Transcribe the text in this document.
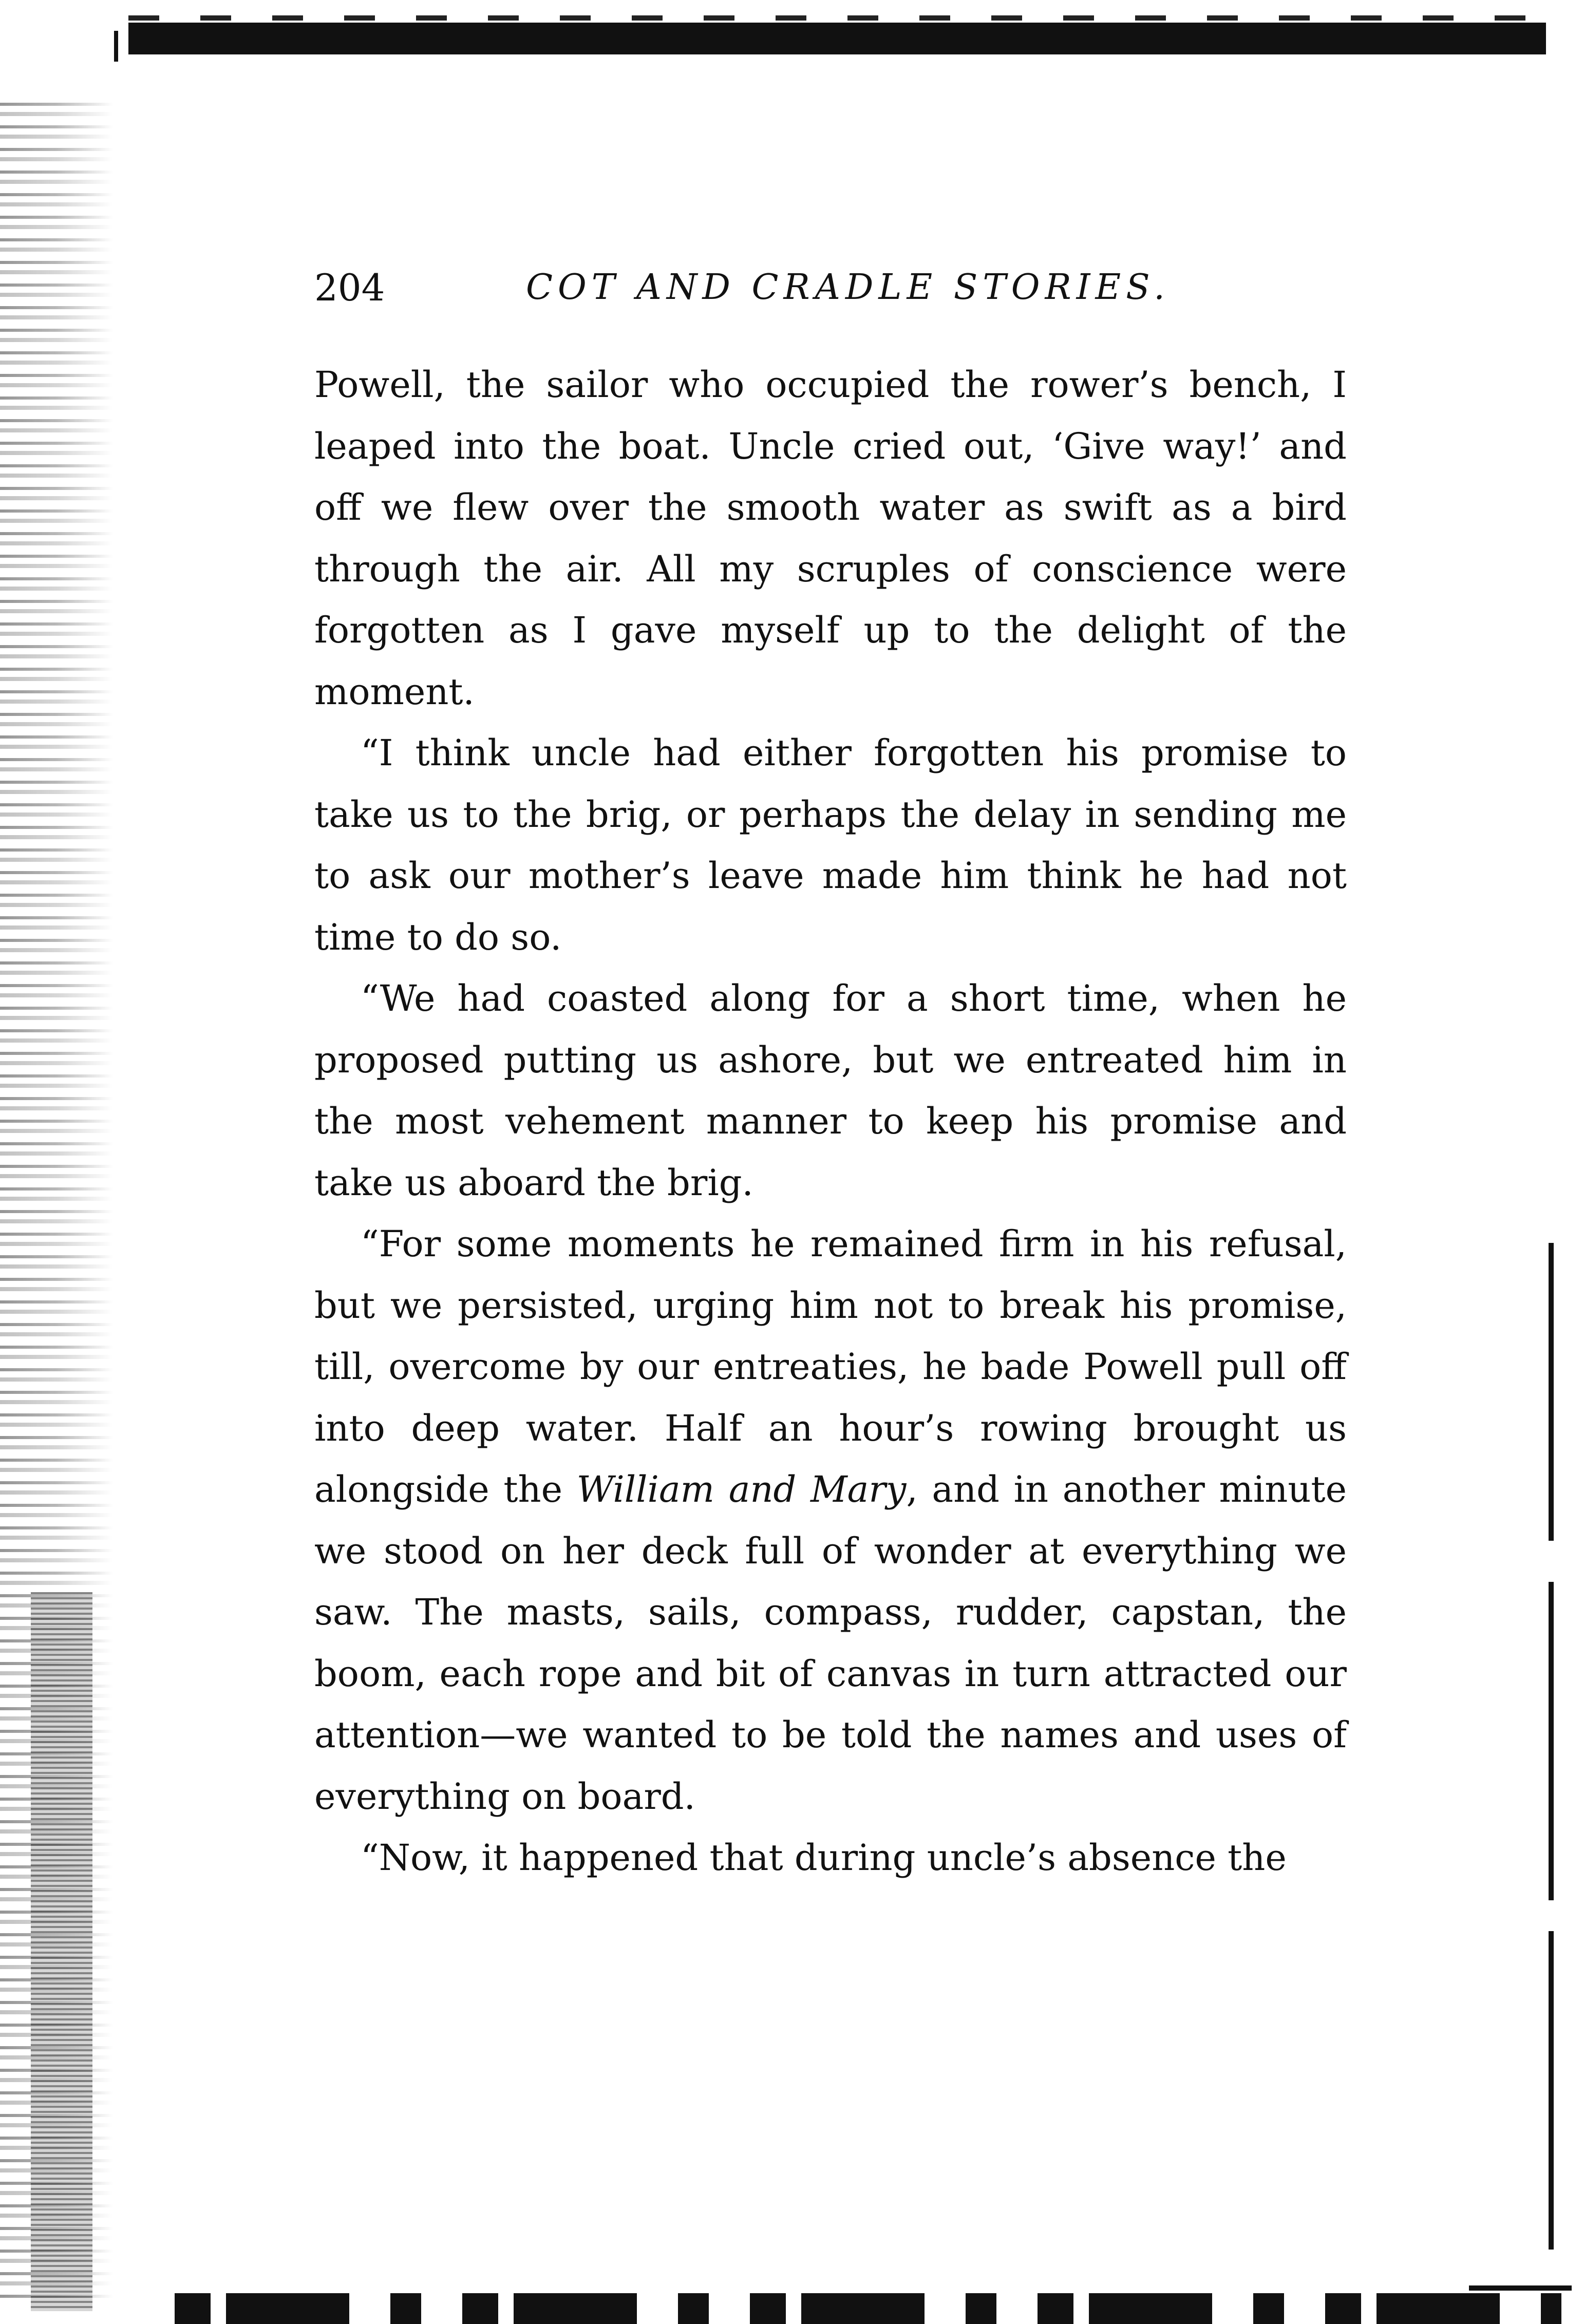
204	COT AND CRADLE STORIES.

Powell, the sailor who occupied the rower’s bench, I leaped into the boat. Uncle cried out, ‘Give way!’ and off we flew over the smooth water as swift as a bird through the air. All my scruples of conscience were forgotten as I gave myself up to the delight of the moment.

“I think uncle had either forgotten his promise to take us to the brig, or perhaps the delay in sending me to ask our mother’s leave made him think he had not time to do so.

“We had coasted along for a short time, when he proposed putting us ashore, but we entreated him in the most vehement manner to keep his promise and take us aboard the brig.

“For some moments he remained firm in his refusal, but we persisted, urging him not to break his promise, till, overcome by our entreaties, he bade Powell pull off into deep water. Half an hour’s rowing brought us alongside the William and Mary, and in another minute we stood on her deck full of wonder at everything we saw. The masts, sails, compass, rudder, capstan, the boom, each rope and bit of canvas in turn attracted our attention—we wanted to be told the names and uses of everything on board.

“Now, it happened that during uncle’s absence the
